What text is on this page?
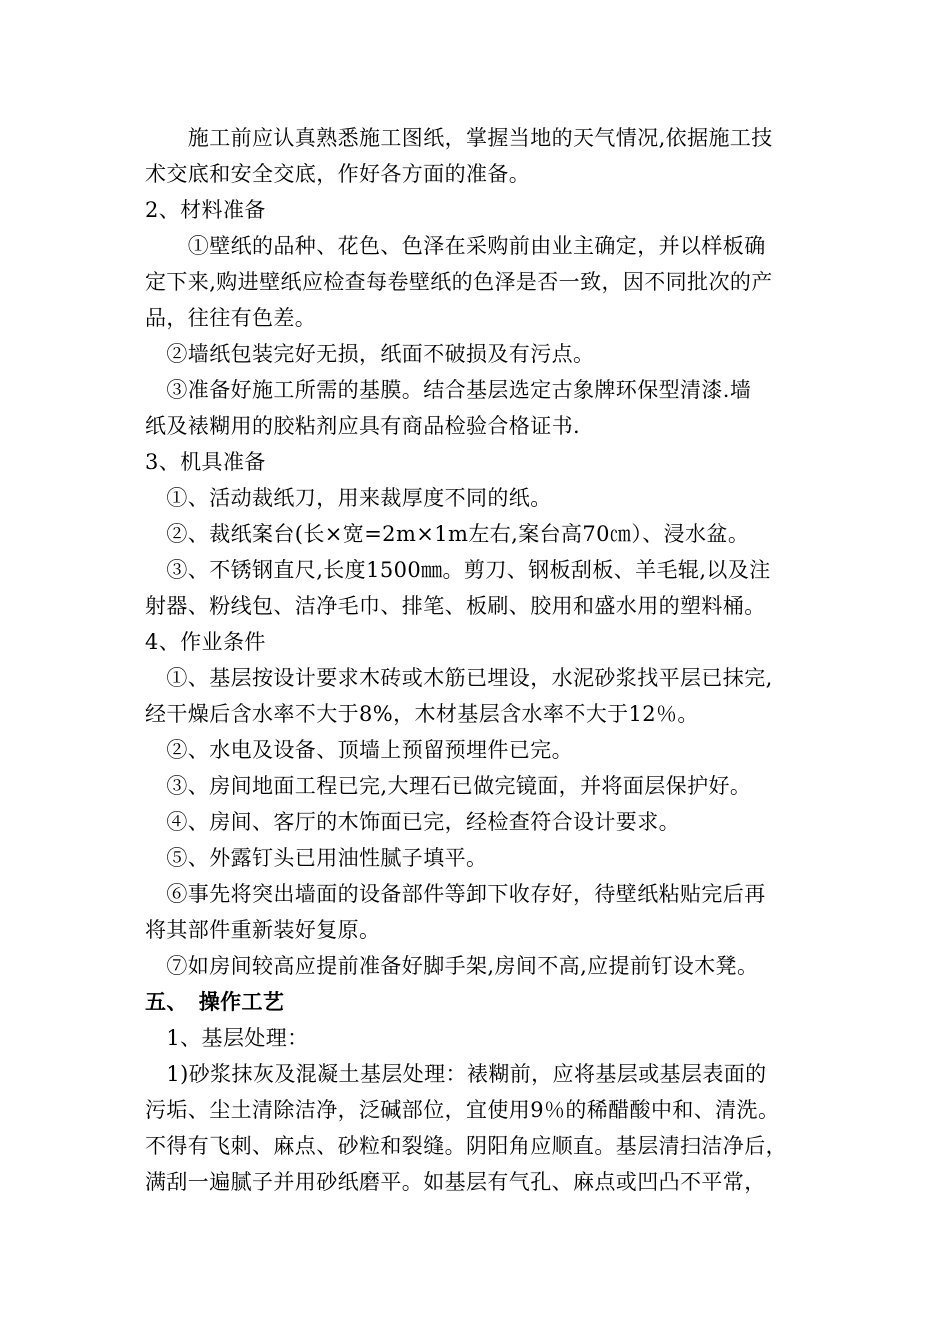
　　施工前应认真熟悉施工图纸，掌握当地的天气情况,依据施工技
术交底和安全交底，作好各方面的准备。
2、材料准备
　　①壁纸的品种、花色、色泽在采购前由业主确定，并以样板确
定下来,购进壁纸应检查每卷壁纸的色泽是否一致，因不同批次的产
品，往往有色差。
　②墙纸包装完好无损，纸面不破损及有污点。
　③准备好施工所需的基膜。结合基层选定古象牌环保型清漆.墙
纸及裱糊用的胶粘剂应具有商品检验合格证书.
3、机具准备
　①、活动裁纸刀，用来裁厚度不同的纸。
　②、裁纸案台(长×宽=2m×1m左右,案台高70㎝）、浸水盆。
　③、不锈钢直尺,长度1500㎜。剪刀、钢板刮板、羊毛辊,以及注
射器、粉线包、洁净毛巾、排笔、板刷、胶用和盛水用的塑料桶。
4、作业条件
　①、基层按设计要求木砖或木筋已埋设，水泥砂浆找平层已抹完,
经干燥后含水率不大于8%，木材基层含水率不大于12％。
　②、水电及设备、顶墙上预留预埋件已完。
　③、房间地面工程已完,大理石已做完镜面，并将面层保护好。
　④、房间、客厅的木饰面已完，经检查符合设计要求。
　⑤、外露钉头已用油性腻子填平。
　⑥事先将突出墙面的设备部件等卸下收存好，待壁纸粘贴完后再
将其部件重新装好复原。
　⑦如房间较高应提前准备好脚手架,房间不高,应提前钉设木凳。
五、　操作工艺
　1、基层处理：
　1)砂浆抹灰及混凝土基层处理：裱糊前，应将基层或基层表面的
污垢、尘土清除洁净，泛碱部位，宜使用9％的稀醋酸中和、清洗。
不得有飞刺、麻点、砂粒和裂缝。阴阳角应顺直。基层清扫洁净后，
满刮一遍腻子并用砂纸磨平。如基层有气孔、麻点或凹凸不平常，
